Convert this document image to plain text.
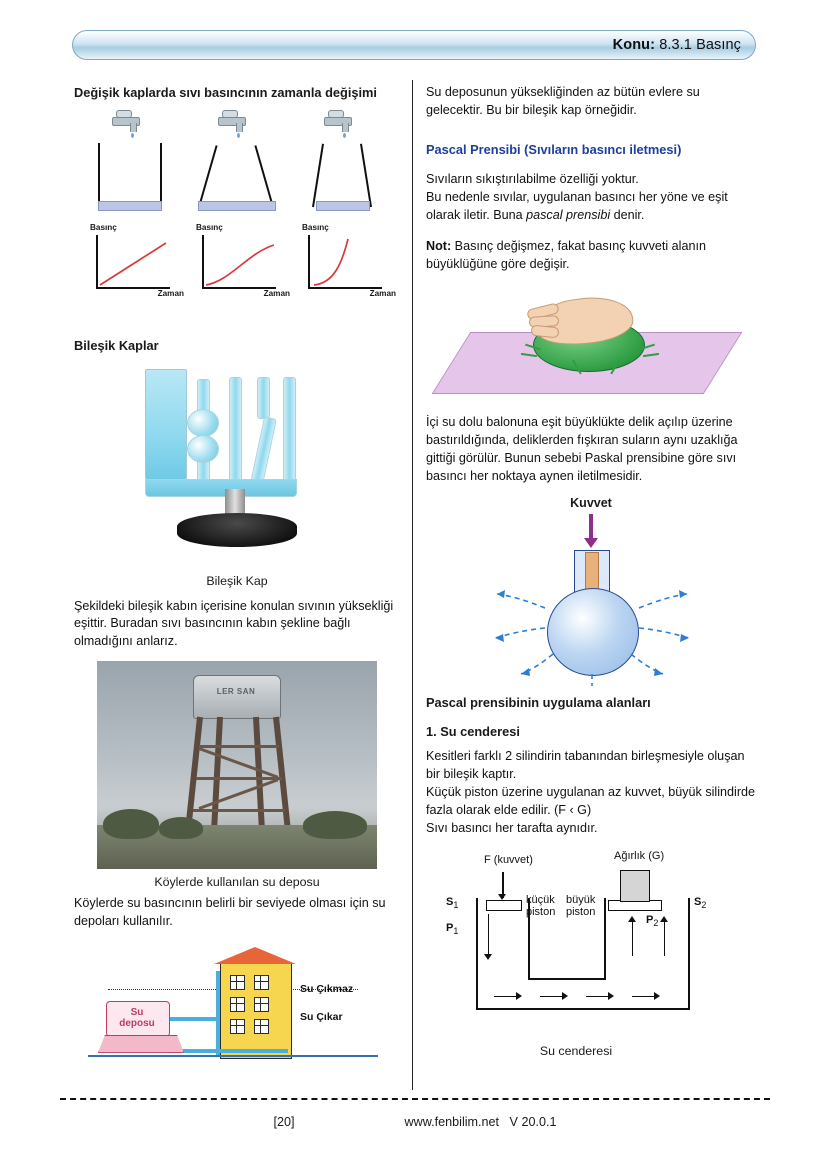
Konu: 8.3.1 Basınç
Değişik kaplarda sıvı basıncının zamanla değişimi
Basınç
Zaman
Basınç
Zaman
Basınç
Zaman
Bileşik Kaplar
Bileşik Kap

Şekildeki bileşik kabın içerisine konulan sıvının yüksekliği eşittir. Buradan sıvı basıncının kabın şekline bağlı olmadığını anlarız.

LER SAN
Köylerde kullanılan su deposu

Köylerde su basıncının belirli bir seviyede olması için su depoları kullanılır.

Su
deposu
Su Çıkmaz
Su Çıkar

Su deposunun yüksekliğinden az bütün evlere su gelecektir. Bu bir bileşik kap örneğidir.

Pascal Prensibi (Sıvıların basıncı iletmesi)

Sıvıların sıkıştırılabilme özelliği yoktur.
Bu nedenle sıvılar, uygulanan basıncı her yöne ve eşit
olarak iletir. Buna pascal prensibi denir.

Not: Basınç değişmez, fakat basınç kuvveti alanın büyüklüğüne göre değişir.

İçi su dolu balonuna eşit büyüklükte delik açılıp üzerine bastırıldığında, deliklerden fışkıran suların aynı uzaklığa gittiği görülür. Bunun sebebi Paskal prensibine göre sıvı basıncı her noktaya aynen iletilmesidir.

Kuvvet
Pascal prensibinin uygulama alanları
1. Su cenderesi

Kesitleri farklı 2 silindirin tabanından birleşmesiyle oluşan bir bileşik kaptır.

Küçük piston üzerine uygulanan az kuvvet, büyük silindirde fazla olarak elde edilir. (F ‹ G)

Sıvı basıncı her tarafta aynıdır.

F (kuvvet)	Ağırlık (G)
$S_1$	$S_2$
$P_1$
$P_2$
küçük
piston
büyük
piston
Su cenderesi
[20]	www.fenbilim.net V 20.0.1
